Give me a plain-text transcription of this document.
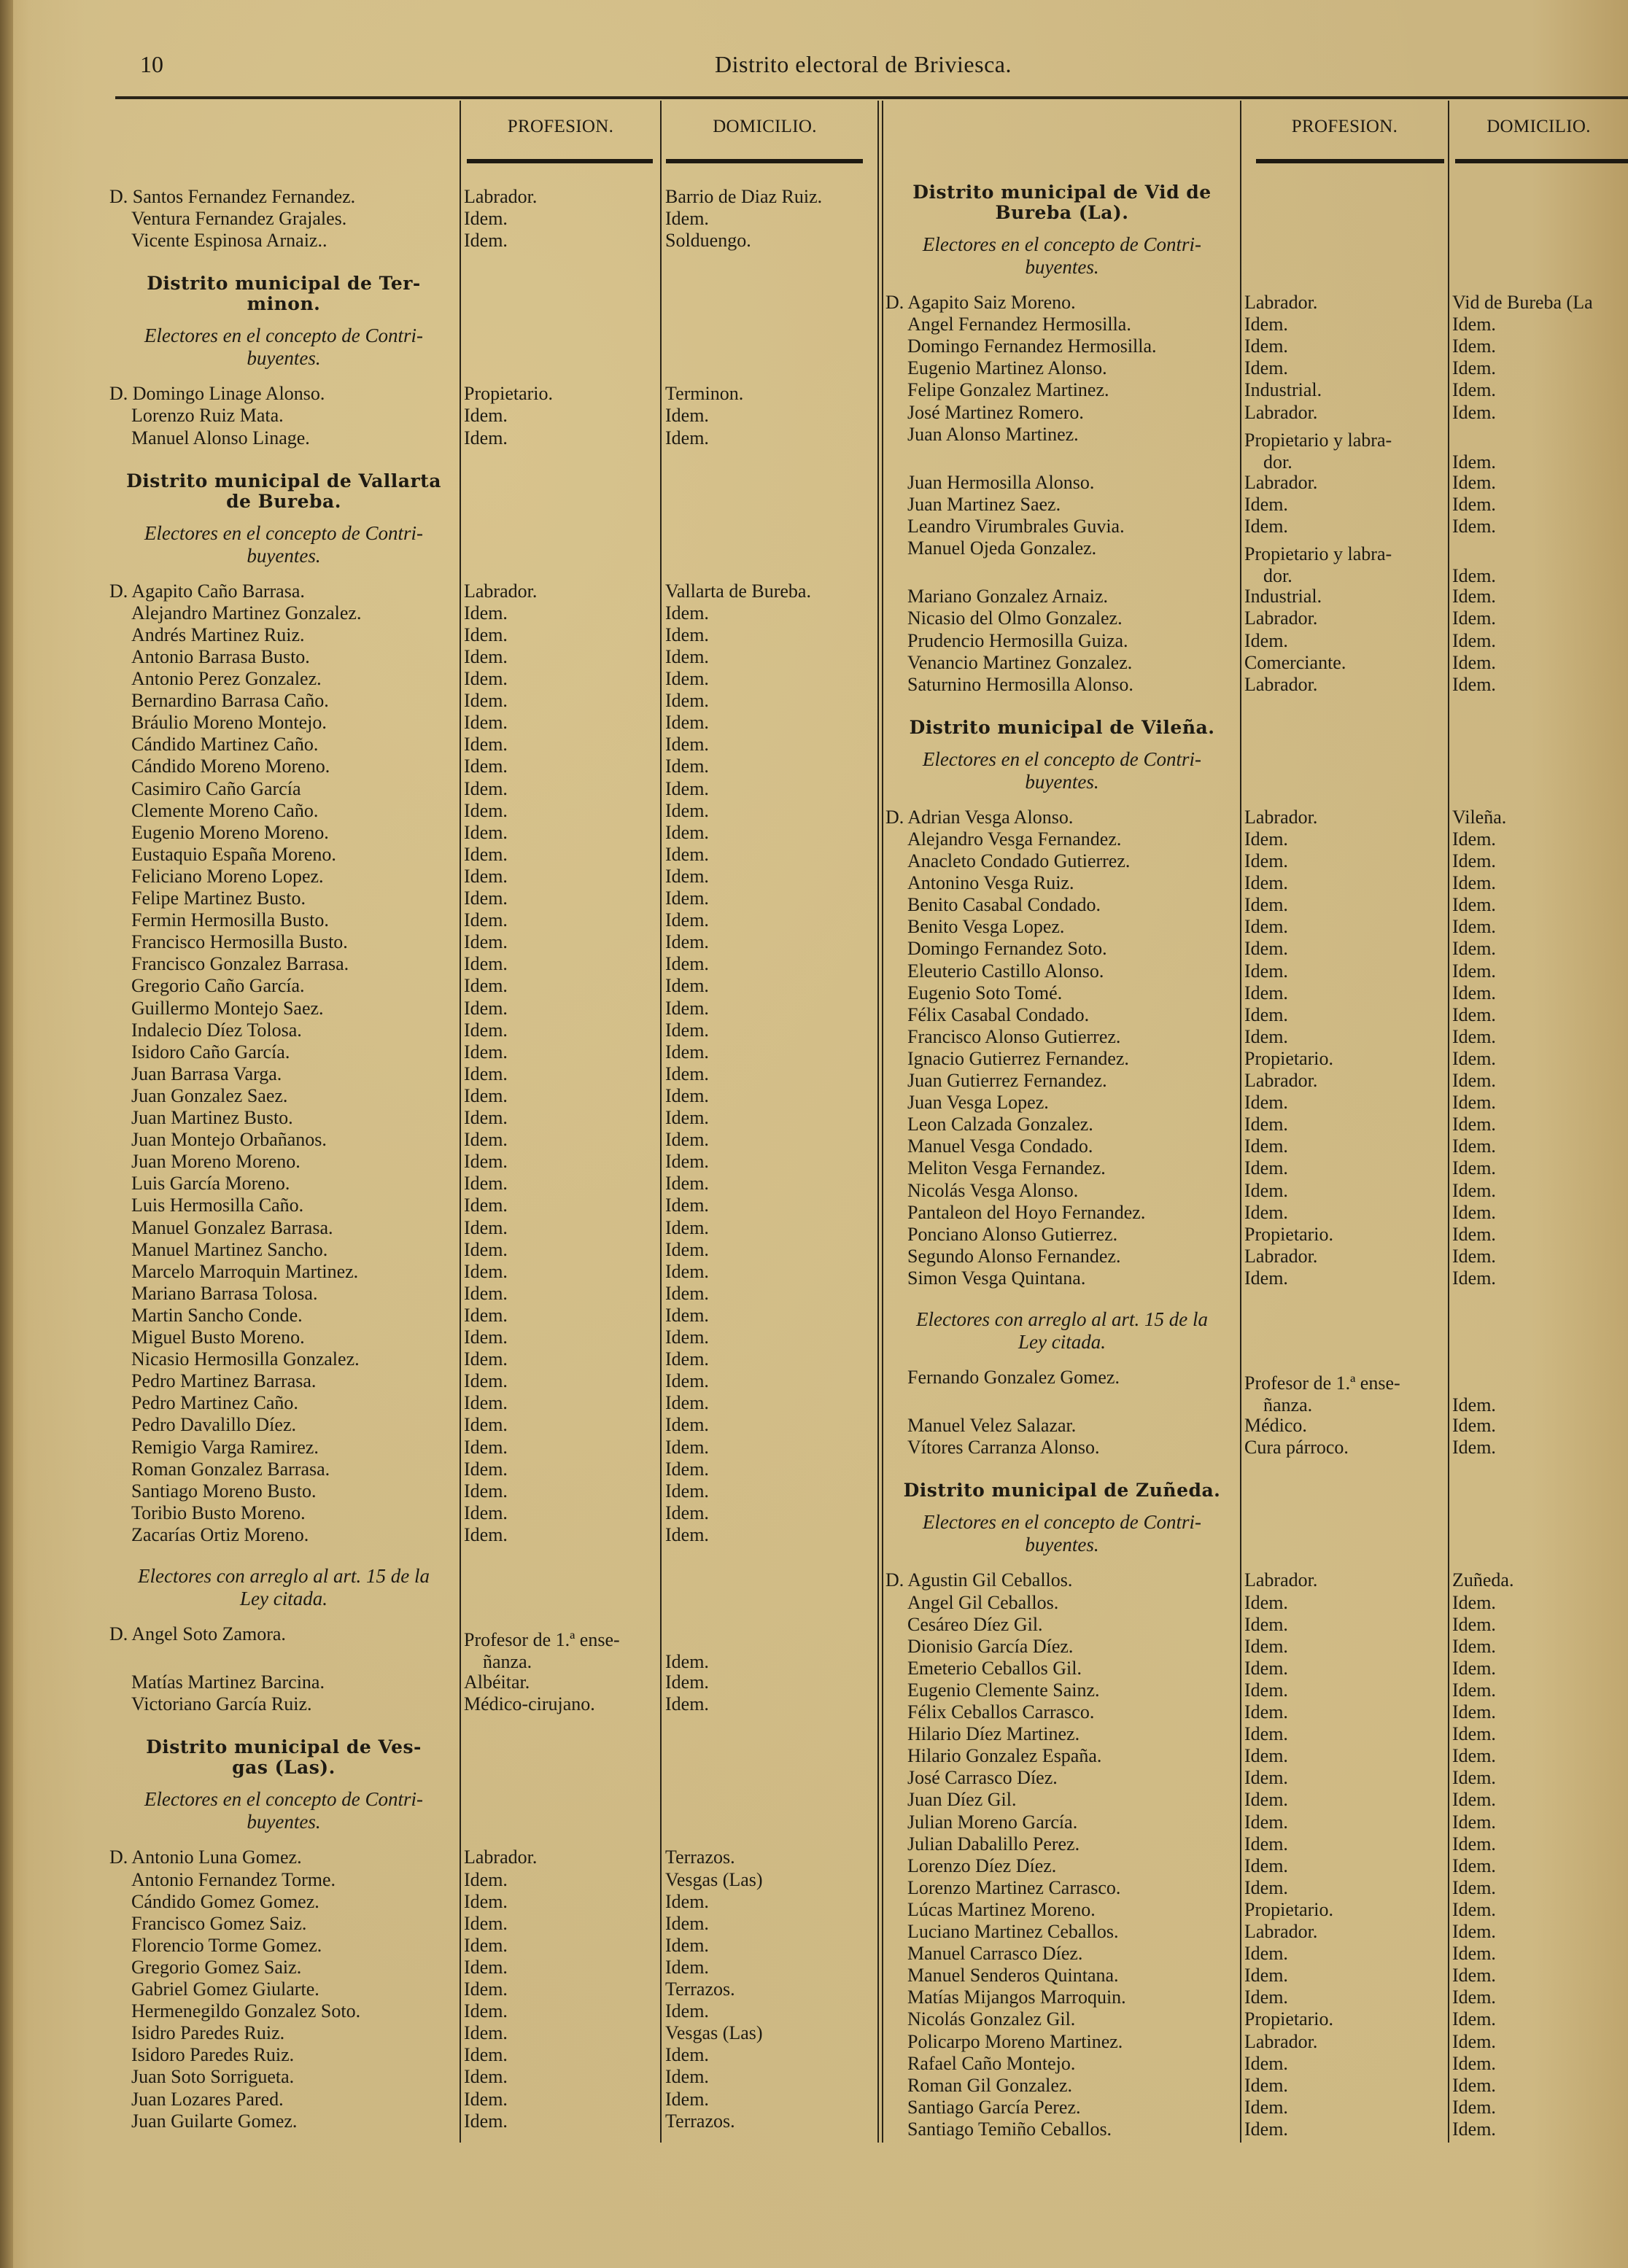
10	Distrito electoral de Briviesca.
PROFESION.	DOMICILIO.	PROFESION.	DOMICILIO.
D. Santos Fernandez Fernandez.	Labrador.	Barrio de Diaz Ruiz.
Ventura Fernandez Grajales.	Idem.	Idem.
Vicente Espinosa Arnaiz..	Idem.	Solduengo.
Distrito municipal de Ter-
minon.
Electores en el concepto de Contri-
buyentes.
D. Domingo Linage Alonso.	Propietario.	Terminon.
Lorenzo Ruiz Mata.	Idem.	Idem.
Manuel Alonso Linage.	Idem.	Idem.
Distrito municipal de Vallarta
de Bureba.
Electores en el concepto de Contri-
buyentes.
D. Agapito Caño Barrasa.	Labrador.	Vallarta de Bureba.
Alejandro Martinez Gonzalez.	Idem.	Idem.
Andrés Martinez Ruiz.	Idem.	Idem.
Antonio Barrasa Busto.	Idem.	Idem.
Antonio Perez Gonzalez.	Idem.	Idem.
Bernardino Barrasa Caño.	Idem.	Idem.
Bráulio Moreno Montejo.	Idem.	Idem.
Cándido Martinez Caño.	Idem.	Idem.
Cándido Moreno Moreno.	Idem.	Idem.
Casimiro Caño García	Idem.	Idem.
Clemente Moreno Caño.	Idem.	Idem.
Eugenio Moreno Moreno.	Idem.	Idem.
Eustaquio España Moreno.	Idem.	Idem.
Feliciano Moreno Lopez.	Idem.	Idem.
Felipe Martinez Busto.	Idem.	Idem.
Fermin Hermosilla Busto.	Idem.	Idem.
Francisco Hermosilla Busto.	Idem.	Idem.
Francisco Gonzalez Barrasa.	Idem.	Idem.
Gregorio Caño García.	Idem.	Idem.
Guillermo Montejo Saez.	Idem.	Idem.
Indalecio Díez Tolosa.	Idem.	Idem.
Isidoro Caño García.	Idem.	Idem.
Juan Barrasa Varga.	Idem.	Idem.
Juan Gonzalez Saez.	Idem.	Idem.
Juan Martinez Busto.	Idem.	Idem.
Juan Montejo Orbañanos.	Idem.	Idem.
Juan Moreno Moreno.	Idem.	Idem.
Luis García Moreno.	Idem.	Idem.
Luis Hermosilla Caño.	Idem.	Idem.
Manuel Gonzalez Barrasa.	Idem.	Idem.
Manuel Martinez Sancho.	Idem.	Idem.
Marcelo Marroquin Martinez.	Idem.	Idem.
Mariano Barrasa Tolosa.	Idem.	Idem.
Martin Sancho Conde.	Idem.	Idem.
Miguel Busto Moreno.	Idem.	Idem.
Nicasio Hermosilla Gonzalez.	Idem.	Idem.
Pedro Martinez Barrasa.	Idem.	Idem.
Pedro Martinez Caño.	Idem.	Idem.
Pedro Davalillo Díez.	Idem.	Idem.
Remigio Varga Ramirez.	Idem.	Idem.
Roman Gonzalez Barrasa.	Idem.	Idem.
Santiago Moreno Busto.	Idem.	Idem.
Toribio Busto Moreno.	Idem.	Idem.
Zacarías Ortiz Moreno.	Idem.	Idem.
Electores con arreglo al art. 15 de la
Ley citada.
D. Angel Soto Zamora.	Profesor de 1.ª ense-
ñanza.	Idem.
Matías Martinez Barcina.	Albéitar.	Idem.
Victoriano García Ruiz.	Médico-cirujano.	Idem.
Distrito municipal de Ves-
gas (Las).
Electores en el concepto de Contri-
buyentes.
D. Antonio Luna Gomez.	Labrador.	Terrazos.
Antonio Fernandez Torme.	Idem.	Vesgas (Las)
Cándido Gomez Gomez.	Idem.	Idem.
Francisco Gomez Saiz.	Idem.	Idem.
Florencio Torme Gomez.	Idem.	Idem.
Gregorio Gomez Saiz.	Idem.	Idem.
Gabriel Gomez Giularte.	Idem.	Terrazos.
Hermenegildo Gonzalez Soto.	Idem.	Idem.
Isidro Paredes Ruiz.	Idem.	Vesgas (Las)
Isidoro Paredes Ruiz.	Idem.	Idem.
Juan Soto Sorrigueta.	Idem.	Idem.
Juan Lozares Pared.	Idem.	Idem.
Juan Guilarte Gomez.	Idem.	Terrazos.
Distrito municipal de Vid de
Bureba (La).
Electores en el concepto de Contri-
buyentes.
D. Agapito Saiz Moreno.	Labrador.	Vid de Bureba (La
Angel Fernandez Hermosilla.	Idem.	Idem.
Domingo Fernandez Hermosilla.	Idem.	Idem.
Eugenio Martinez Alonso.	Idem.	Idem.
Felipe Gonzalez Martinez.	Industrial.	Idem.
José Martinez Romero.	Labrador.	Idem.
Juan Alonso Martinez.	Propietario y labra-
dor.	Idem.
Juan Hermosilla Alonso.	Labrador.	Idem.
Juan Martinez Saez.	Idem.	Idem.
Leandro Virumbrales Guvia.	Idem.	Idem.
Manuel Ojeda Gonzalez.	Propietario y labra-
dor.	Idem.
Mariano Gonzalez Arnaiz.	Industrial.	Idem.
Nicasio del Olmo Gonzalez.	Labrador.	Idem.
Prudencio Hermosilla Guiza.	Idem.	Idem.
Venancio Martinez Gonzalez.	Comerciante.	Idem.
Saturnino Hermosilla Alonso.	Labrador.	Idem.
Distrito municipal de Vileña.
Electores en el concepto de Contri-
buyentes.
D. Adrian Vesga Alonso.	Labrador.	Vileña.
Alejandro Vesga Fernandez.	Idem.	Idem.
Anacleto Condado Gutierrez.	Idem.	Idem.
Antonino Vesga Ruiz.	Idem.	Idem.
Benito Casabal Condado.	Idem.	Idem.
Benito Vesga Lopez.	Idem.	Idem.
Domingo Fernandez Soto.	Idem.	Idem.
Eleuterio Castillo Alonso.	Idem.	Idem.
Eugenio Soto Tomé.	Idem.	Idem.
Félix Casabal Condado.	Idem.	Idem.
Francisco Alonso Gutierrez.	Idem.	Idem.
Ignacio Gutierrez Fernandez.	Propietario.	Idem.
Juan Gutierrez Fernandez.	Labrador.	Idem.
Juan Vesga Lopez.	Idem.	Idem.
Leon Calzada Gonzalez.	Idem.	Idem.
Manuel Vesga Condado.	Idem.	Idem.
Meliton Vesga Fernandez.	Idem.	Idem.
Nicolás Vesga Alonso.	Idem.	Idem.
Pantaleon del Hoyo Fernandez.	Idem.	Idem.
Ponciano Alonso Gutierrez.	Propietario.	Idem.
Segundo Alonso Fernandez.	Labrador.	Idem.
Simon Vesga Quintana.	Idem.	Idem.
Electores con arreglo al art. 15 de la
Ley citada.
Fernando Gonzalez Gomez.	Profesor de 1.ª ense-
ñanza.	Idem.
Manuel Velez Salazar.	Médico.	Idem.
Vítores Carranza Alonso.	Cura párroco.	Idem.
Distrito municipal de Zuñeda.
Electores en el concepto de Contri-
buyentes.
D. Agustin Gil Ceballos.	Labrador.	Zuñeda.
Angel Gil Ceballos.	Idem.	Idem.
Cesáreo Díez Gil.	Idem.	Idem.
Dionisio García Díez.	Idem.	Idem.
Emeterio Ceballos Gil.	Idem.	Idem.
Eugenio Clemente Sainz.	Idem.	Idem.
Félix Ceballos Carrasco.	Idem.	Idem.
Hilario Díez Martinez.	Idem.	Idem.
Hilario Gonzalez España.	Idem.	Idem.
José Carrasco Díez.	Idem.	Idem.
Juan Díez Gil.	Idem.	Idem.
Julian Moreno García.	Idem.	Idem.
Julian Dabalillo Perez.	Idem.	Idem.
Lorenzo Díez Díez.	Idem.	Idem.
Lorenzo Martinez Carrasco.	Idem.	Idem.
Lúcas Martinez Moreno.	Propietario.	Idem.
Luciano Martinez Ceballos.	Labrador.	Idem.
Manuel Carrasco Díez.	Idem.	Idem.
Manuel Senderos Quintana.	Idem.	Idem.
Matías Mijangos Marroquin.	Idem.	Idem.
Nicolás Gonzalez Gil.	Propietario.	Idem.
Policarpo Moreno Martinez.	Labrador.	Idem.
Rafael Caño Montejo.	Idem.	Idem.
Roman Gil Gonzalez.	Idem.	Idem.
Santiago García Perez.	Idem.	Idem.
Santiago Temiño Ceballos.	Idem.	Idem.
